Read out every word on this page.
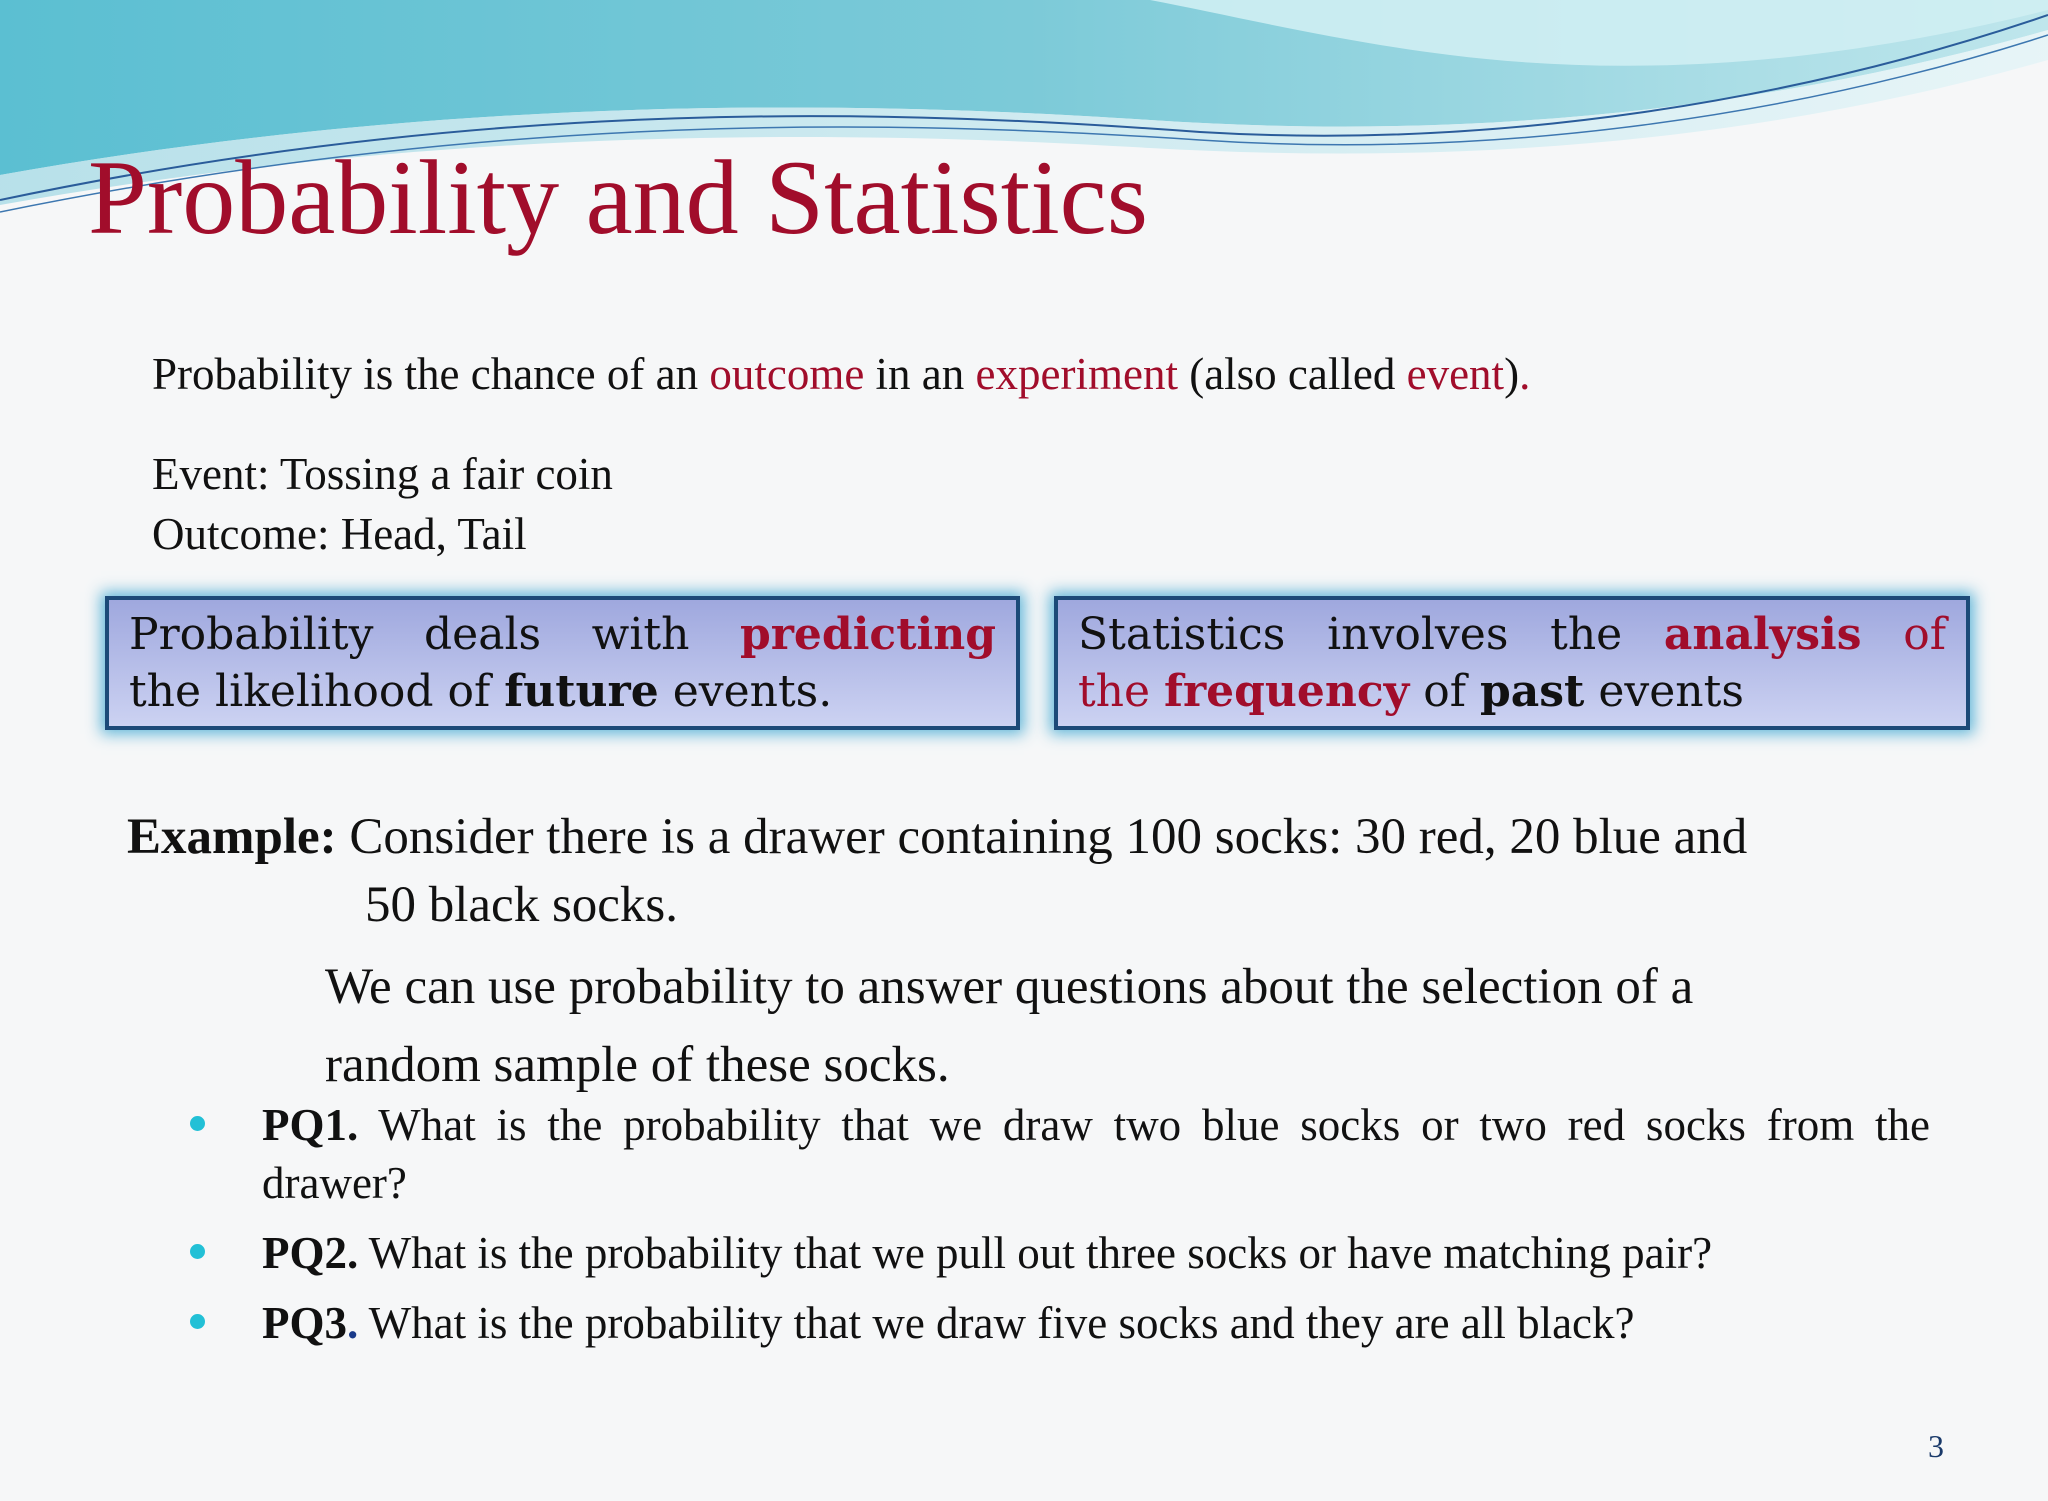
Probability and Statistics
Probability is the chance of an outcome in an experiment (also called event).
Event: Tossing a fair coin
Outcome: Head, Tail
Probability deals with predicting
the likelihood of future events.
Statistics involves the analysis of
the frequency of past events
Example: Consider there is a drawer containing 100 socks: 30 red, 20 blue and
50 black socks.
We can use probability to answer questions about the selection of a
random sample of these socks.
PQ1. What is the probability that we draw two blue socks or two red socks from the drawer?
PQ2. What is the probability that we pull out three socks or have matching pair?
PQ3. What is the probability that we draw five socks and they are all black?
3
